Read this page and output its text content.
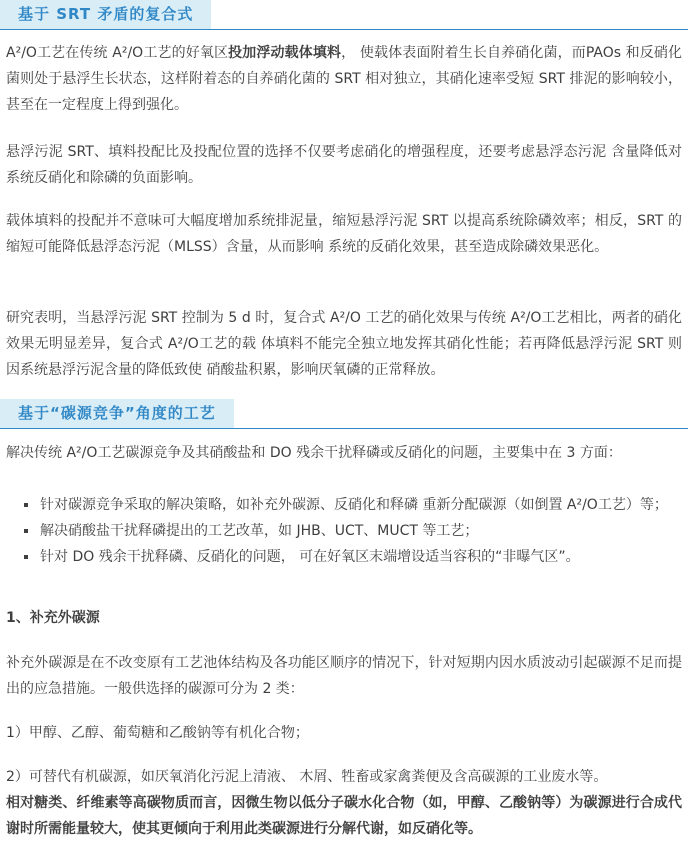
基于 SRT 矛盾的复合式
A²/O工艺在传统 A²/O工艺的好氧区投加浮动载体填料， 使载体表面附着生长自养硝化菌，而PAOs 和反硝化菌则处于悬浮生长状态，这样附着态的自养硝化菌的 SRT 相对独立，其硝化速率受短 SRT 排泥的影响较小，甚至在一定程度上得到强化。
悬浮污泥 SRT、填料投配比及投配位置的选择不仅要考虑硝化的增强程度，还要考虑悬浮态污泥 含量降低对系统反硝化和除磷的负面影响。
载体填料的投配并不意味可大幅度增加系统排泥量，缩短悬浮污泥 SRT 以提高系统除磷效率；相反，SRT 的 缩短可能降低悬浮态污泥（MLSS）含量，从而影响 系统的反硝化效果，甚至造成除磷效果恶化。
研究表明，当悬浮污泥 SRT 控制为 5 d 时，复合式 A²/O 工艺的硝化效果与传统 A²/O工艺相比，两者的硝化效果无明显差异，复合式 A²/O工艺的载 体填料不能完全独立地发挥其硝化性能；若再降低悬浮污泥 SRT 则因系统悬浮污泥含量的降低致使 硝酸盐积累，影响厌氧磷的正常释放。
基于“碳源竞争”角度的工艺
解决传统 A²/O工艺碳源竞争及其硝酸盐和 DO 残余干扰释磷或反硝化的问题，主要集中在 3 方面：
针对碳源竞争采取的解决策略，如补充外碳源、反硝化和释磷 重新分配碳源（如倒置 A²/O工艺）等；
解决硝酸盐干扰释磷提出的工艺改革，如 JHB、UCT、MUCT 等工艺；
针对 DO 残余干扰释磷、反硝化的问题， 可在好氧区末端增设适当容积的“非曝气区”。
1、补充外碳源
补充外碳源是在不改变原有工艺池体结构及各功能区顺序的情况下，针对短期内因水质波动引起碳源不足而提出的应急措施。一般供选择的碳源可分为 2 类：
1）甲醇、乙醇、葡萄糖和乙酸钠等有机化合物；
2）可替代有机碳源，如厌氧消化污泥上清液、 木屑、牲畜或家禽粪便及含高碳源的工业废水等。
相对糖类、纤维素等高碳物质而言，因微生物以低分子碳水化合物（如，甲醇、乙酸钠等）为碳源进行合成代谢时所需能量较大，使其更倾向于利用此类碳源进行分解代谢，如反硝化等。
